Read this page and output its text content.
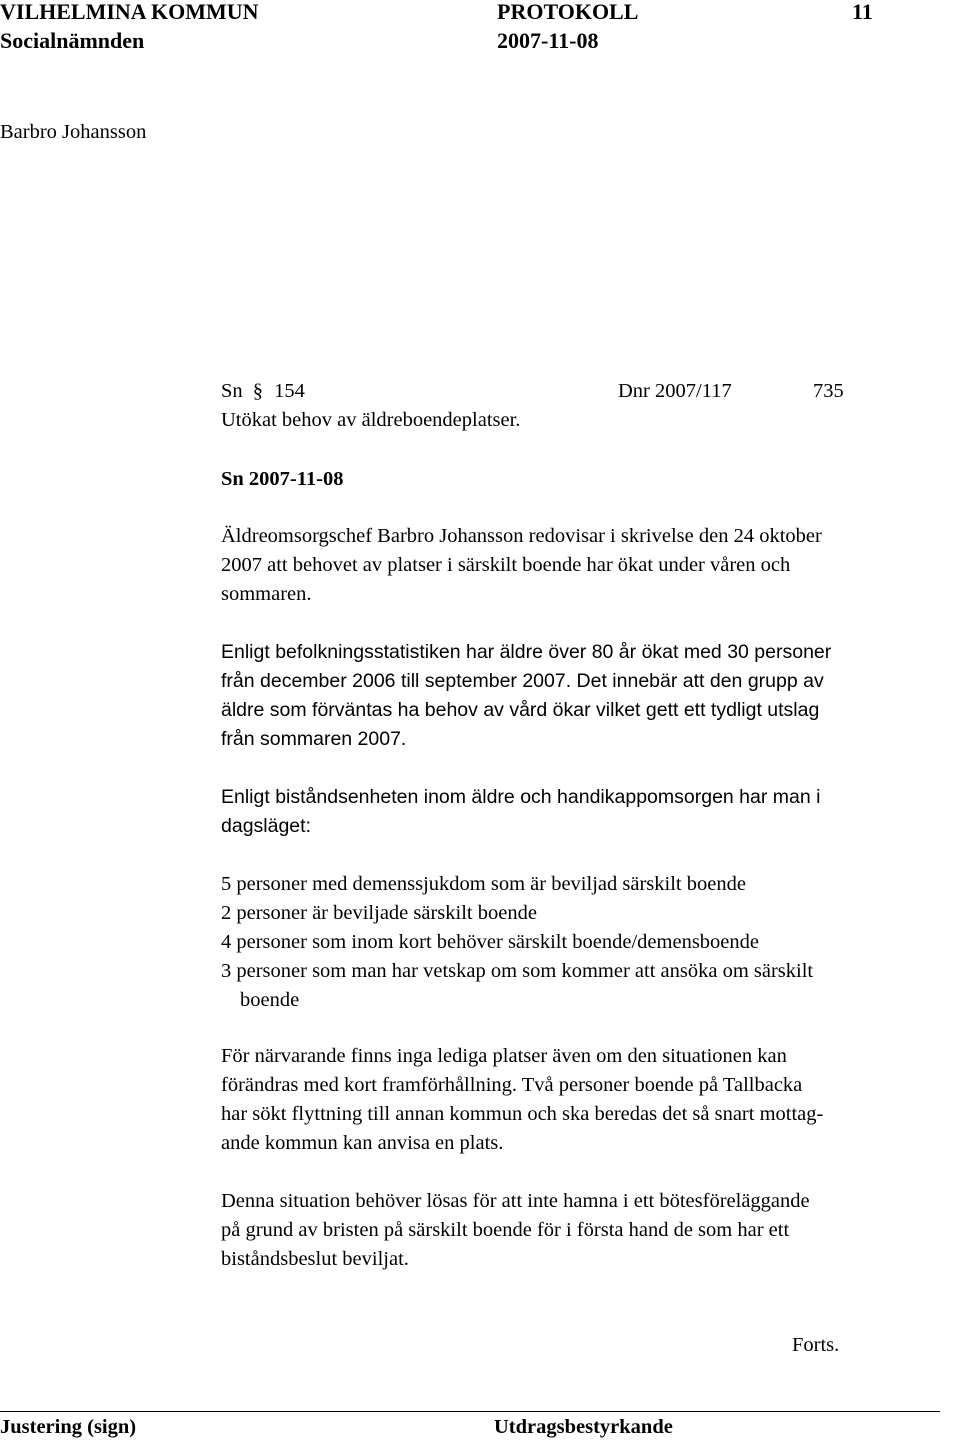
VILHELMINA KOMMUN	PROTOKOLL	11
Socialnämnden	2007-11-08
Barbro Johansson
Sn § 154	Dnr 2007/117	735
Utökat behov av äldreboendeplatser.
Sn 2007-11-08
Äldreomsorgschef Barbro Johansson redovisar i skrivelse den 24 oktober
2007 att behovet av platser i särskilt boende har ökat under våren och
sommaren.
Enligt befolkningsstatistiken har äldre över 80 år ökat med 30 personer
från december 2006 till september 2007. Det innebär att den grupp av
äldre som förväntas ha behov av vård ökar vilket gett ett tydligt utslag
från sommaren 2007.
Enligt biståndsenheten inom äldre och handikappomsorgen har man i
dagsläget:
5 personer med demenssjukdom som är beviljad särskilt boende
2 personer är beviljade särskilt boende
4 personer som inom kort behöver särskilt boende/demensboende
3 personer som man har vetskap om som kommer att ansöka om särskilt
boende
För närvarande finns inga lediga platser även om den situationen kan
förändras med kort framförhållning. Två personer boende på Tallbacka
har sökt flyttning till annan kommun och ska beredas det så snart mottag-
ande kommun kan anvisa en plats.
Denna situation behöver lösas för att inte hamna i ett bötesföreläggande
på grund av bristen på särskilt boende för i första hand de som har ett
biståndsbeslut beviljat.
Forts.
Justering (sign)	Utdragsbestyrkande
